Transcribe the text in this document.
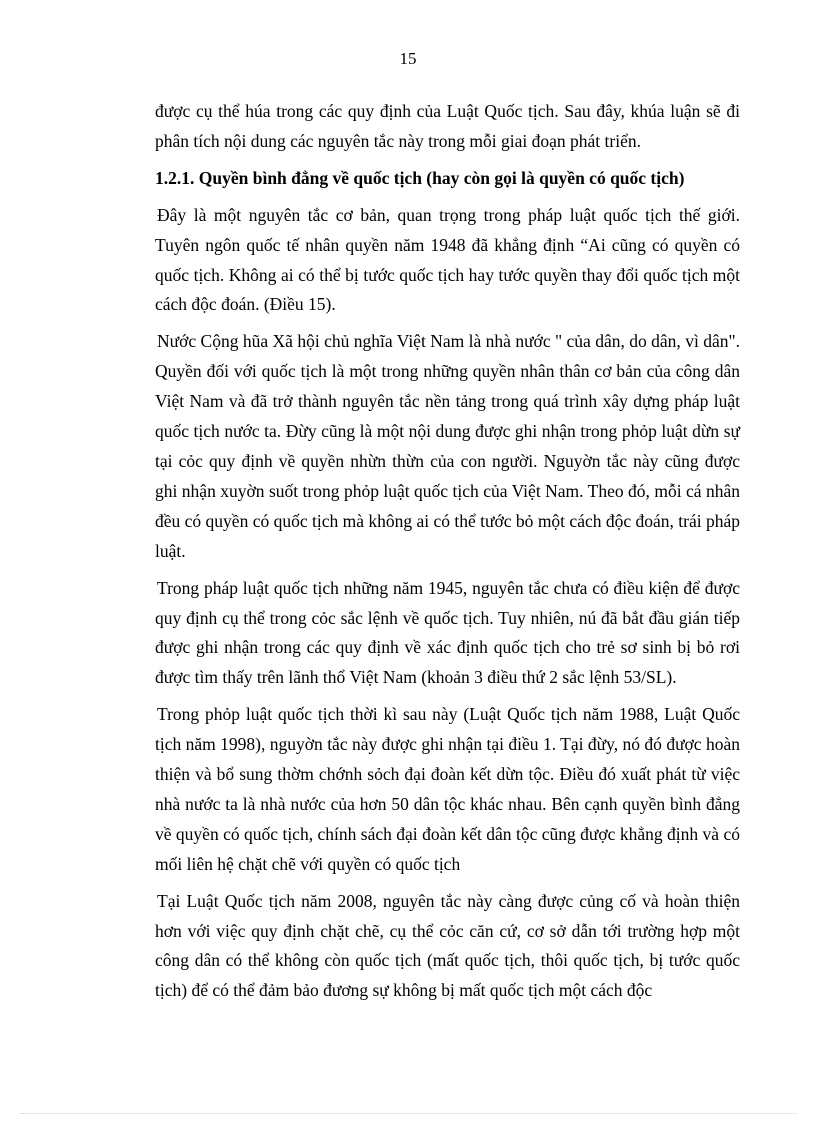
15

được cụ thể húa trong các quy định của Luật Quốc tịch. Sau đây, khúa luận sẽ đi phân tích nội dung các nguyên tắc này trong mỗi giai đoạn phát triển.

1.2.1. Quyền bình đẳng về quốc tịch (hay còn gọi là quyền có quốc tịch)

Đây là một nguyên tắc cơ bản, quan trọng trong pháp luật quốc tịch thế giới. Tuyên ngôn quốc tế nhân quyền năm 1948 đã khẳng định “Ai cũng có quyền có quốc tịch. Không ai có thể bị tước quốc tịch hay tước quyền thay đổi quốc tịch một cách độc đoán. (Điều 15).

Nước Cộng hũa Xã hội chủ nghĩa Việt Nam là nhà nước " của dân, do dân, vì dân". Quyền đối với quốc tịch là một trong những quyền nhân thân cơ bản của công dân Việt Nam và đã trở thành nguyên tắc nền tảng trong quá trình xây dựng pháp luật quốc tịch nước ta. Đừy cũng là một nội dung được ghi nhận trong phỏp luật dừn sự tại cỏc quy định về quyền nhừn thừn của con người. Nguyờn tắc này cũng được ghi nhận xuyờn suốt trong phỏp luật quốc tịch của Việt Nam. Theo đó, mỗi cá nhân đều có quyền có quốc tịch mà không ai có thể tước bỏ một cách độc đoán, trái pháp luật.

Trong pháp luật quốc tịch những năm 1945, nguyên tắc chưa có điều kiện để được quy định cụ thể trong cỏc sắc lệnh về quốc tịch. Tuy nhiên, nú đã bắt đầu gián tiếp được ghi nhận trong các quy định về xác định quốc tịch cho trẻ sơ sinh bị bỏ rơi được tìm thấy trên lãnh thổ Việt Nam (khoản 3 điều thứ 2 sắc lệnh 53/SL).

Trong phỏp luật quốc tịch thời kì sau này (Luật Quốc tịch năm 1988, Luật Quốc tịch năm 1998), nguyờn tắc này được ghi nhận tại điều 1. Tại đừy, nó đó được hoàn thiện và bổ sung thờm chớnh sỏch đại đoàn kết dừn tộc. Điều đó xuất phát từ việc nhà nước ta là nhà nước của hơn 50 dân tộc khác nhau. Bên cạnh quyền bình đẳng về quyền có quốc tịch, chính sách đại đoàn kết dân tộc cũng được khẳng định và có mối liên hệ chặt chẽ với quyền có quốc tịch

Tại Luật Quốc tịch năm 2008, nguyên tắc này càng được củng cố và hoàn thiện hơn với việc quy định chặt chẽ, cụ thể cỏc căn cứ, cơ sở dẫn tới trường hợp một công dân có thể không còn quốc tịch (mất quốc tịch, thôi quốc tịch, bị tước quốc tịch) để có thể đảm bảo đương sự không bị mất quốc tịch một cách độc
